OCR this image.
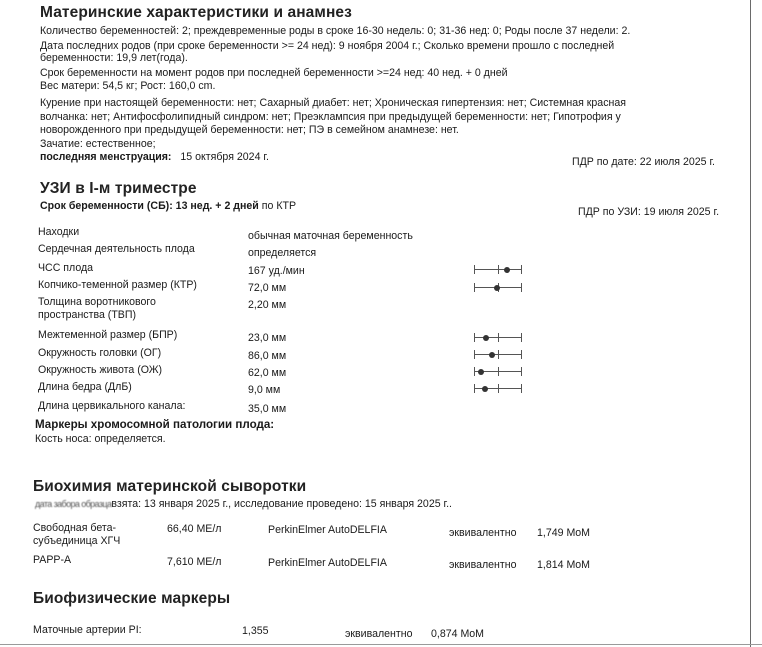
Материнские характеристики и анамнез
Количество беременностей: 2; преждевременные роды в сроке 16-30 недель: 0; 31-36 нед: 0; Роды после 37 недели: 2.
Дата последних родов (при сроке беременности >= 24 нед): 9 ноября 2004 г.; Сколько времени прошло с последней
беременности: 19,9 лет(года).
Срок беременности на момент родов при последней беременности >=24 нед: 40 нед. + 0 дней
Вес матери: 54,5 кг; Рост: 160,0 cm.
Курение при настоящей беременности: нет; Сахарный диабет: нет; Хроническая гипертензия: нет; Системная красная
волчанка: нет; Антифосфолипидный синдром: нет; Преэклампсия при предыдущей беременности: нет; Гипотрофия у
новорожденного при предыдущей беременности: нет; ПЭ в семейном анамнезе: нет.
Зачатие: естественное;
последняя менструация: 15 октября 2024 г.	ПДР по дате: 22 июля 2025 г.
УЗИ в I-м триместре
Срок беременности (СБ): 13 нед. + 2 дней по КТР	ПДР по УЗИ: 19 июля 2025 г.
Находки	обычная маточная беременность
Сердечная деятельность плода	определяется
ЧСС плода	167 уд./мин
Копчико-теменной размер (КТР)	72,0 мм
Толщина воротникового
пространства (ТВП)
2,20 мм
Межтеменной размер (БПР)	23,0 мм
Окружность головки (ОГ)	86,0 мм
Окружность живота (ОЖ)	62,0 мм
Длина бедра (ДлБ)	9,0 мм
Длина цервикального канала:	35,0 мм
Маркеры хромосомной патологии плода:
Кость носа: определяется.
Биохимия материнской сыворотки
дата забора образцавзята: 13 января 2025 г., исследование проведено: 15 января 2025 г..
Свободная бета-
субъединица ХГЧ
66,40 МЕ/л	PerkinElmer AutoDELFIA	эквивалентно 1,749 MoM
PAPP-A	7,610 МЕ/л	PerkinElmer AutoDELFIA	эквивалентно 1,814 MoM
Биофизические маркеры
Маточные артерии PI:	1,355	эквивалентно 0,874 MoM
